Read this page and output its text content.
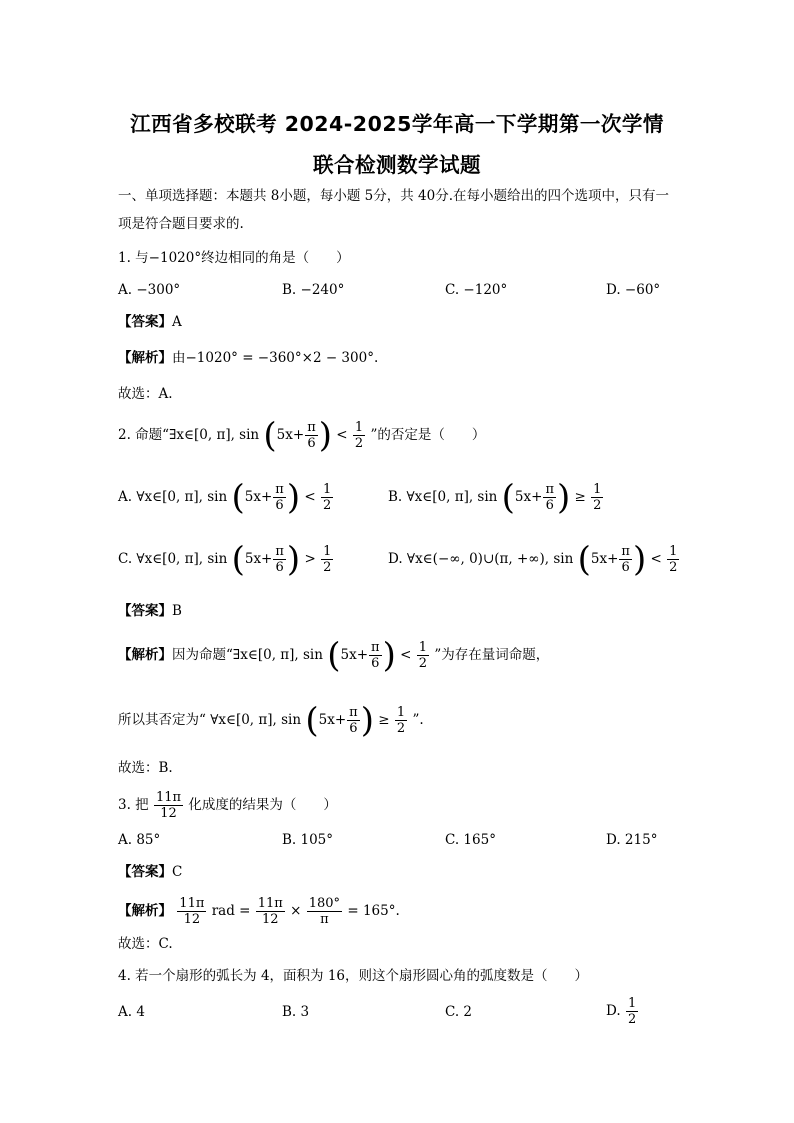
江西省多校联考 2024-2025学年高一下学期第一次学情
联合检测数学试题
一、单项选择题：本题共 8小题，每小题 5分，共 40分.在每小题给出的四个选项中，只有一项是符合题目要求的.
1. 与−1020°终边相同的角是（　　）
A. −300°	B. −240°	C. −120°	D. −60°
【答案】A
【解析】由−1020° = −360°×2 − 300°.
故选：A.
2. 命题“∃x∈[0, π], $\sin (5x+ \frac{\pi}{6}$ ) < $\frac{1}{2}$ ”的否定是（　　）
A. ∀x∈[0, π], $\sin (5x+ \frac{\pi}{6}$ ) < $\frac{1}{2}$	B. ∀x∈[0, π], $\sin (5x+ \frac{\pi}{6}$ ) ≥ $\frac{1}{2}$
C. ∀x∈[0, π], $\sin (5x+ \frac{\pi}{6}$ ) > $\frac{1}{2}$	D. ∀x∈(−∞, 0)∪(π, +∞), $\sin (5x+ \frac{\pi}{6}$ ) < $\frac{1}{2}$
【答案】B
【解析】因为命题“∃x∈[0, π], $\sin (5x+ \frac{\pi}{6}$ ) < $\frac{1}{2}$ ”为存在量词命题，
所以其否定为“ ∀x∈[0, π], $\sin (5x+ \frac{\pi}{6}$ ) ≥ $\frac{1}{2}$ ”.
故选：B.
3. 把 $\frac{11\pi}{12}$ 化成度的结果为（　　）
A. 85°	B. 105°	C. 165°	D. 215°
【答案】C
【解析】 $\frac{11\pi}{12}$ rad = $\frac{11\pi}{12} \times \frac{180^\circ}{\pi} = 165^\circ$.
故选：C.
4. 若一个扇形的弧长为 4，面积为 16，则这个扇形圆心角的弧度数是（　　）
A. 4	B. 3	C. 2	D. $\frac{1}{2}$
